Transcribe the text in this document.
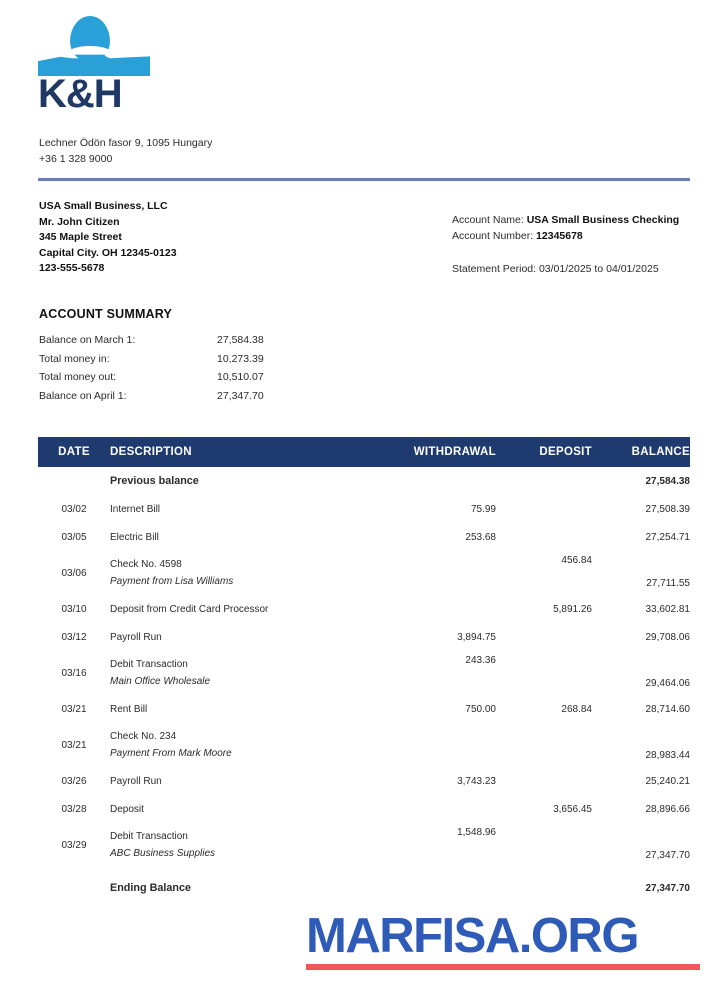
K&H
Lechner Ödön fasor 9, 1095 Hungary
+36 1 328 9000
USA Small Business, LLC
Mr. John Citizen
345 Maple Street
Capital City. OH 12345-0123
123-555-5678
Account Name: USA Small Business Checking
Account Number: 12345678
Statement Period: 03/01/2025 to 04/01/2025
ACCOUNT SUMMARY
Balance on March 1:	27,584.38
Total money in:	10,273.39
Total money out:	10,510.07
Balance on April 1:	27,347.70
DATE	DESCRIPTION	WITHDRAWAL	DEPOSIT	BALANCE

	Previous balance			27,584.38
03/02	Internet Bill	75.99		27,508.39
03/05	Electric Bill	253.68		27,254.71
03/06	Check No. 4598
Payment from Lisa Williams		456.84	27,711.55
03/10	Deposit from Credit Card Processor		5,891.26	33,602.81
03/12	Payroll Run	3,894.75		29,708.06
03/16	Debit Transaction
Main Office Wholesale	243.36		29,464.06
03/21	Rent Bill	750.00	268.84	28,714.60
03/21	Check No. 234
Payment From Mark Moore			28,983.44
03/26	Payroll Run	3,743.23		25,240.21
03/28	Deposit		3,656.45	28,896.66
03/29	Debit Transaction
ABC Business Supplies	1,548.96		27,347.70

	Ending Balance			27,347.70
MARFISA.ORG
